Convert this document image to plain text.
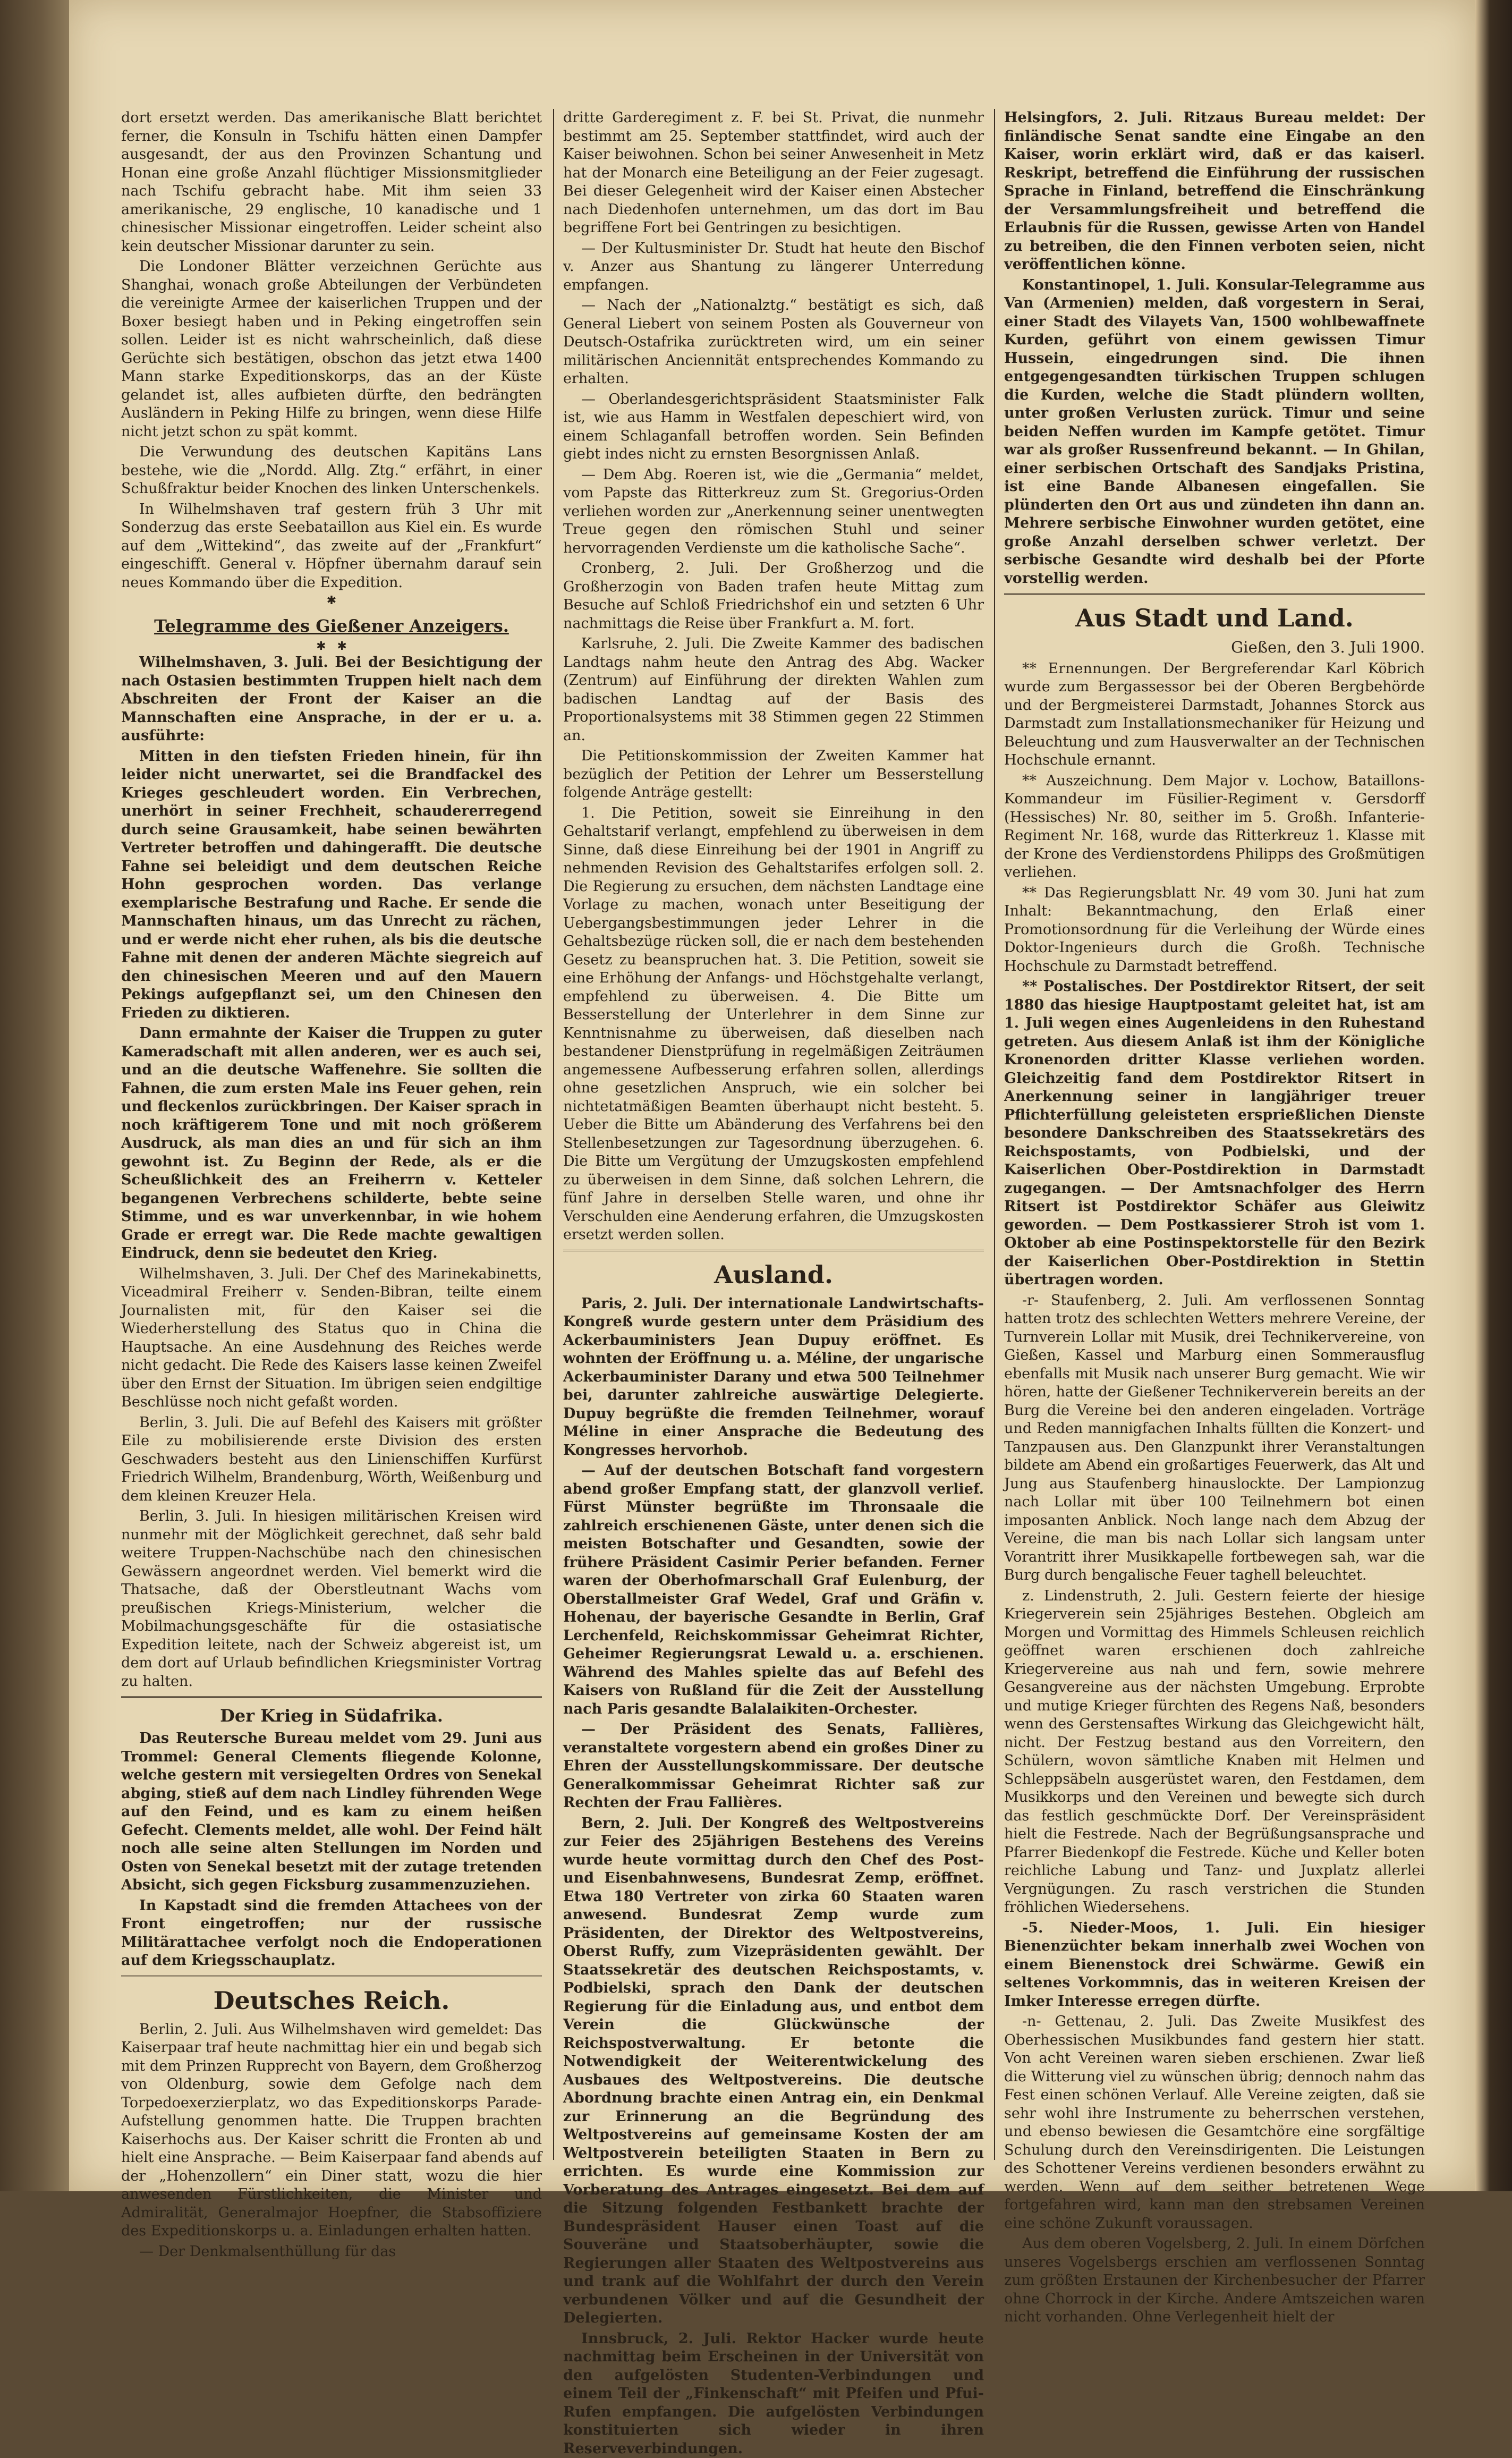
dort ersetzt werden. Das amerikanische Blatt berichtet ferner, die Konsuln in Tschifu hätten einen Dampfer ausgesandt, der aus den Provinzen Schantung und Honan eine große Anzahl flüchtiger Missionsmitglieder nach Tschifu gebracht habe. Mit ihm seien 33 amerikanische, 29 englische, 10 kanadische und 1 chinesischer Missionar eingetroffen. Leider scheint also kein deutscher Missionar darunter zu sein.

Die Londoner Blätter verzeichnen Gerüchte aus Shanghai, wonach große Abteilungen der Verbündeten die vereinigte Armee der kaiserlichen Truppen und der Boxer besiegt haben und in Peking eingetroffen sein sollen. Leider ist es nicht wahrscheinlich, daß diese Gerüchte sich bestätigen, obschon das jetzt etwa 1400 Mann starke Expeditionskorps, das an der Küste gelandet ist, alles aufbieten dürfte, den bedrängten Ausländern in Peking Hilfe zu bringen, wenn diese Hilfe nicht jetzt schon zu spät kommt.

Die Verwundung des deutschen Kapitäns Lans bestehe, wie die „Nordd. Allg. Ztg.“ erfährt, in einer Schußfraktur beider Knochen des linken Unterschenkels.

In Wilhelmshaven traf gestern früh 3 Uhr mit Sonderzug das erste Seebataillon aus Kiel ein. Es wurde auf dem „Wittekind“, das zweite auf der „Frankfurt“ eingeschifft. General v. Höpfner übernahm darauf sein neues Kommando über die Expedition.

✱
Telegramme des Gießener Anzeigers.
✱   ✱

Wilhelmshaven, 3. Juli. Bei der Besichtigung der nach Ostasien bestimmten Truppen hielt nach dem Abschreiten der Front der Kaiser an die Mannschaften eine Ansprache, in der er u. a. ausführte:

Mitten in den tiefsten Frieden hinein, für ihn leider nicht unerwartet, sei die Brandfackel des Krieges geschleudert worden. Ein Verbrechen, unerhört in seiner Frechheit, schaudererregend durch seine Grausamkeit, habe seinen bewährten Vertreter betroffen und dahingerafft. Die deutsche Fahne sei beleidigt und dem deutschen Reiche Hohn gesprochen worden. Das verlange exemplarische Bestrafung und Rache. Er sende die Mannschaften hinaus, um das Unrecht zu rächen, und er werde nicht eher ruhen, als bis die deutsche Fahne mit denen der anderen Mächte siegreich auf den chinesischen Meeren und auf den Mauern Pekings aufgepflanzt sei, um den Chinesen den Frieden zu diktieren.

Dann ermahnte der Kaiser die Truppen zu guter Kameradschaft mit allen anderen, wer es auch sei, und an die deutsche Waffenehre. Sie sollten die Fahnen, die zum ersten Male ins Feuer gehen, rein und fleckenlos zurückbringen. Der Kaiser sprach in noch kräftigerem Tone und mit noch größerem Ausdruck, als man dies an und für sich an ihm gewohnt ist. Zu Beginn der Rede, als er die Scheußlichkeit des an Freiherrn v. Ketteler begangenen Verbrechens schilderte, bebte seine Stimme, und es war unverkennbar, in wie hohem Grade er erregt war. Die Rede machte gewaltigen Eindruck, denn sie bedeutet den Krieg.

Wilhelmshaven, 3. Juli. Der Chef des Marinekabinetts, Viceadmiral Freiherr v. Senden-Bibran, teilte einem Journalisten mit, für den Kaiser sei die Wiederherstellung des Status quo in China die Hauptsache. An eine Ausdehnung des Reiches werde nicht gedacht. Die Rede des Kaisers lasse keinen Zweifel über den Ernst der Situation. Im übrigen seien endgiltige Beschlüsse noch nicht gefaßt worden.

Berlin, 3. Juli. Die auf Befehl des Kaisers mit größter Eile zu mobilisierende erste Division des ersten Geschwaders besteht aus den Linienschiffen Kurfürst Friedrich Wilhelm, Brandenburg, Wörth, Weißenburg und dem kleinen Kreuzer Hela.

Berlin, 3. Juli. In hiesigen militärischen Kreisen wird nunmehr mit der Möglichkeit gerechnet, daß sehr bald weitere Truppen-Nachschübe nach den chinesischen Gewässern angeordnet werden. Viel bemerkt wird die Thatsache, daß der Oberstleutnant Wachs vom preußischen Kriegs-Ministerium, welcher die Mobilmachungsgeschäfte für die ostasiatische Expedition leitete, nach der Schweiz abgereist ist, um dem dort auf Urlaub befindlichen Kriegsminister Vortrag zu halten.

Der Krieg in Südafrika.

Das Reutersche Bureau meldet vom 29. Juni aus Trommel: General Clements fliegende Kolonne, welche gestern mit versiegelten Ordres von Senekal abging, stieß auf dem nach Lindley führenden Wege auf den Feind, und es kam zu einem heißen Gefecht. Clements meldet, alle wohl. Der Feind hält noch alle seine alten Stellungen im Norden und Osten von Senekal besetzt mit der zutage tretenden Absicht, sich gegen Ficksburg zusammenzuziehen.

In Kapstadt sind die fremden Attachees von der Front eingetroffen; nur der russische Militärattachee verfolgt noch die Endoperationen auf dem Kriegsschauplatz.

Deutsches Reich.

Berlin, 2. Juli. Aus Wilhelmshaven wird gemeldet: Das Kaiserpaar traf heute nachmittag hier ein und begab sich mit dem Prinzen Rupprecht von Bayern, dem Großherzog von Oldenburg, sowie dem Gefolge nach dem Torpedoexerzierplatz, wo das Expeditionskorps Parade-Aufstellung genommen hatte. Die Truppen brachten Kaiserhochs aus. Der Kaiser schritt die Fronten ab und hielt eine Ansprache. — Beim Kaiserpaar fand abends auf der „Hohenzollern“ ein Diner statt, wozu die hier anwesenden Fürstlichkeiten, die Minister und Admiralität, Generalmajor Hoepfner, die Stabsoffiziere des Expeditionskorps u. a. Einladungen erhalten hatten.

— Der Denkmalsenthüllung für das

dritte Garderegiment z. F. bei St. Privat, die nunmehr bestimmt am 25. September stattfindet, wird auch der Kaiser beiwohnen. Schon bei seiner Anwesenheit in Metz hat der Monarch eine Beteiligung an der Feier zugesagt. Bei dieser Gelegenheit wird der Kaiser einen Abstecher nach Diedenhofen unternehmen, um das dort im Bau begriffene Fort bei Gentringen zu besichtigen.

— Der Kultusminister Dr. Studt hat heute den Bischof v. Anzer aus Shantung zu längerer Unterredung empfangen.

— Nach der „Nationalztg.“ bestätigt es sich, daß General Liebert von seinem Posten als Gouverneur von Deutsch-Ostafrika zurücktreten wird, um ein seiner militärischen Anciennität entsprechendes Kommando zu erhalten.

— Oberlandesgerichtspräsident Staatsminister Falk ist, wie aus Hamm in Westfalen depeschiert wird, von einem Schlaganfall betroffen worden. Sein Befinden giebt indes nicht zu ernsten Besorgnissen Anlaß.

— Dem Abg. Roeren ist, wie die „Germania“ meldet, vom Papste das Ritterkreuz zum St. Gregorius-Orden verliehen worden zur „Anerkennung seiner unentwegten Treue gegen den römischen Stuhl und seiner hervorragenden Verdienste um die katholische Sache“.

Cronberg, 2. Juli. Der Großherzog und die Großherzogin von Baden trafen heute Mittag zum Besuche auf Schloß Friedrichshof ein und setzten 6 Uhr nachmittags die Reise über Frankfurt a. M. fort.

Karlsruhe, 2. Juli. Die Zweite Kammer des badischen Landtags nahm heute den Antrag des Abg. Wacker (Zentrum) auf Einführung der direkten Wahlen zum badischen Landtag auf der Basis des Proportionalsystems mit 38 Stimmen gegen 22 Stimmen an.

Die Petitionskommission der Zweiten Kammer hat bezüglich der Petition der Lehrer um Besserstellung folgende Anträge gestellt:

1. Die Petition, soweit sie Einreihung in den Gehaltstarif verlangt, empfehlend zu überweisen in dem Sinne, daß diese Einreihung bei der 1901 in Angriff zu nehmenden Revision des Gehaltstarifes erfolgen soll. 2. Die Regierung zu ersuchen, dem nächsten Landtage eine Vorlage zu machen, wonach unter Beseitigung der Uebergangsbestimmungen jeder Lehrer in die Gehaltsbezüge rücken soll, die er nach dem bestehenden Gesetz zu beanspruchen hat. 3. Die Petition, soweit sie eine Erhöhung der Anfangs- und Höchstgehalte verlangt, empfehlend zu überweisen. 4. Die Bitte um Besserstellung der Unterlehrer in dem Sinne zur Kenntnisnahme zu überweisen, daß dieselben nach bestandener Dienstprüfung in regelmäßigen Zeiträumen angemessene Aufbesserung erfahren sollen, allerdings ohne gesetzlichen Anspruch, wie ein solcher bei nichtetatmäßigen Beamten überhaupt nicht besteht. 5. Ueber die Bitte um Abänderung des Verfahrens bei den Stellenbesetzungen zur Tagesordnung überzugehen. 6. Die Bitte um Vergütung der Umzugskosten empfehlend zu überweisen in dem Sinne, daß solchen Lehrern, die fünf Jahre in derselben Stelle waren, und ohne ihr Verschulden eine Aenderung erfahren, die Umzugskosten ersetzt werden sollen.

Ausland.

Paris, 2. Juli. Der internationale Landwirtschafts-Kongreß wurde gestern unter dem Präsidium des Ackerbauministers Jean Dupuy eröffnet. Es wohnten der Eröffnung u. a. Méline, der ungarische Ackerbauminister Darany und etwa 500 Teilnehmer bei, darunter zahlreiche auswärtige Delegierte. Dupuy begrüßte die fremden Teilnehmer, worauf Méline in einer Ansprache die Bedeutung des Kongresses hervorhob.

— Auf der deutschen Botschaft fand vorgestern abend großer Empfang statt, der glanzvoll verlief. Fürst Münster begrüßte im Thronsaale die zahlreich erschienenen Gäste, unter denen sich die meisten Botschafter und Gesandten, sowie der frühere Präsident Casimir Perier befanden. Ferner waren der Oberhofmarschall Graf Eulenburg, der Oberstallmeister Graf Wedel, Graf und Gräfin v. Hohenau, der bayerische Gesandte in Berlin, Graf Lerchenfeld, Reichskommissar Geheimrat Richter, Geheimer Regierungsrat Lewald u. a. erschienen. Während des Mahles spielte das auf Befehl des Kaisers von Rußland für die Zeit der Ausstellung nach Paris gesandte Balalaikiten-Orchester.

— Der Präsident des Senats, Fallières, veranstaltete vorgestern abend ein großes Diner zu Ehren der Ausstellungskommissare. Der deutsche Generalkommissar Geheimrat Richter saß zur Rechten der Frau Fallières.

Bern, 2. Juli. Der Kongreß des Weltpostvereins zur Feier des 25jährigen Bestehens des Vereins wurde heute vormittag durch den Chef des Post- und Eisenbahnwesens, Bundesrat Zemp, eröffnet. Etwa 180 Vertreter von zirka 60 Staaten waren anwesend. Bundesrat Zemp wurde zum Präsidenten, der Direktor des Weltpostvereins, Oberst Ruffy, zum Vizepräsidenten gewählt. Der Staatssekretär des deutschen Reichspostamts, v. Podbielski, sprach den Dank der deutschen Regierung für die Einladung aus, und entbot dem Verein die Glückwünsche der Reichspostverwaltung. Er betonte die Notwendigkeit der Weiterentwickelung des Ausbaues des Weltpostvereins. Die deutsche Abordnung brachte einen Antrag ein, ein Denkmal zur Erinnerung an die Begründung des Weltpostvereins auf gemeinsame Kosten der am Weltpostverein beteiligten Staaten in Bern zu errichten. Es wurde eine Kommission zur Vorberatung des Antrages eingesetzt. Bei dem auf die Sitzung folgenden Festbankett brachte der Bundespräsident Hauser einen Toast auf die Souveräne und Staatsoberhäupter, sowie die Regierungen aller Staaten des Weltpostvereins aus und trank auf die Wohlfahrt der durch den Verein verbundenen Völker und auf die Gesundheit der Delegierten.

Innsbruck, 2. Juli. Rektor Hacker wurde heute nachmittag beim Erscheinen in der Universität von den aufgelösten Studenten-Verbindungen und einem Teil der „Finkenschaft“ mit Pfeifen und Pfui-Rufen empfangen. Die aufgelösten Verbindungen konstituierten sich wieder in ihren Reserveverbindungen.

Helsingfors, 2. Juli. Ritzaus Bureau meldet: Der finländische Senat sandte eine Eingabe an den Kaiser, worin erklärt wird, daß er das kaiserl. Reskript, betreffend die Einführung der russischen Sprache in Finland, betreffend die Einschränkung der Versammlungsfreiheit und betreffend die Erlaubnis für die Russen, gewisse Arten von Handel zu betreiben, die den Finnen verboten seien, nicht veröffentlichen könne.

Konstantinopel, 1. Juli. Konsular-Telegramme aus Van (Armenien) melden, daß vorgestern in Serai, einer Stadt des Vilayets Van, 1500 wohlbewaffnete Kurden, geführt von einem gewissen Timur Hussein, eingedrungen sind. Die ihnen entgegengesandten türkischen Truppen schlugen die Kurden, welche die Stadt plündern wollten, unter großen Verlusten zurück. Timur und seine beiden Neffen wurden im Kampfe getötet. Timur war als großer Russenfreund bekannt. — In Ghilan, einer serbischen Ortschaft des Sandjaks Pristina, ist eine Bande Albanesen eingefallen. Sie plünderten den Ort aus und zündeten ihn dann an. Mehrere serbische Einwohner wurden getötet, eine große Anzahl derselben schwer verletzt. Der serbische Gesandte wird deshalb bei der Pforte vorstellig werden.

Aus Stadt und Land.
Gießen, den 3. Juli 1900.

** Ernennungen. Der Bergreferendar Karl Köbrich wurde zum Bergassessor bei der Oberen Bergbehörde und der Bergmeisterei Darmstadt, Johannes Storck aus Darmstadt zum Installationsmechaniker für Heizung und Beleuchtung und zum Hausverwalter an der Technischen Hochschule ernannt.

** Auszeichnung. Dem Major v. Lochow, Bataillons-Kommandeur im Füsilier-Regiment v. Gersdorff (Hessisches) Nr. 80, seither im 5. Großh. Infanterie-Regiment Nr. 168, wurde das Ritterkreuz 1. Klasse mit der Krone des Verdienstordens Philipps des Großmütigen verliehen.

** Das Regierungsblatt Nr. 49 vom 30. Juni hat zum Inhalt: Bekanntmachung, den Erlaß einer Promotionsordnung für die Verleihung der Würde eines Doktor-Ingenieurs durch die Großh. Technische Hochschule zu Darmstadt betreffend.

** Postalisches. Der Postdirektor Ritsert, der seit 1880 das hiesige Hauptpostamt geleitet hat, ist am 1. Juli wegen eines Augenleidens in den Ruhestand getreten. Aus diesem Anlaß ist ihm der Königliche Kronenorden dritter Klasse verliehen worden. Gleichzeitig fand dem Postdirektor Ritsert in Anerkennung seiner in langjähriger treuer Pflichterfüllung geleisteten ersprießlichen Dienste besondere Dankschreiben des Staatssekretärs des Reichspostamts, von Podbielski, und der Kaiserlichen Ober-Postdirektion in Darmstadt zugegangen. — Der Amtsnachfolger des Herrn Ritsert ist Postdirektor Schäfer aus Gleiwitz geworden. — Dem Postkassierer Stroh ist vom 1. Oktober ab eine Postinspektorstelle für den Bezirk der Kaiserlichen Ober-Postdirektion in Stettin übertragen worden.

-r- Staufenberg, 2. Juli. Am verflossenen Sonntag hatten trotz des schlechten Wetters mehrere Vereine, der Turnverein Lollar mit Musik, drei Technikervereine, von Gießen, Kassel und Marburg einen Sommerausflug ebenfalls mit Musik nach unserer Burg gemacht. Wie wir hören, hatte der Gießener Technikerverein bereits an der Burg die Vereine bei den anderen eingeladen. Vorträge und Reden mannigfachen Inhalts füllten die Konzert- und Tanzpausen aus. Den Glanzpunkt ihrer Veranstaltungen bildete am Abend ein großartiges Feuerwerk, das Alt und Jung aus Staufenberg hinauslockte. Der Lampionzug nach Lollar mit über 100 Teilnehmern bot einen imposanten Anblick. Noch lange nach dem Abzug der Vereine, die man bis nach Lollar sich langsam unter Vorantritt ihrer Musikkapelle fortbewegen sah, war die Burg durch bengalische Feuer taghell beleuchtet.

z. Lindenstruth, 2. Juli. Gestern feierte der hiesige Kriegerverein sein 25jähriges Bestehen. Obgleich am Morgen und Vormittag des Himmels Schleusen reichlich geöffnet waren erschienen doch zahlreiche Kriegervereine aus nah und fern, sowie mehrere Gesangvereine aus der nächsten Umgebung. Erprobte und mutige Krieger fürchten des Regens Naß, besonders wenn des Gerstensaftes Wirkung das Gleichgewicht hält, nicht. Der Festzug bestand aus den Vorreitern, den Schülern, wovon sämtliche Knaben mit Helmen und Schleppsäbeln ausgerüstet waren, den Festdamen, dem Musikkorps und den Vereinen und bewegte sich durch das festlich geschmückte Dorf. Der Vereinspräsident hielt die Festrede. Nach der Begrüßungsansprache und Pfarrer Biedenkopf die Festrede. Küche und Keller boten reichliche Labung und Tanz- und Juxplatz allerlei Vergnügungen. Zu rasch verstrichen die Stunden fröhlichen Wiedersehens.

-5. Nieder-Moos, 1. Juli. Ein hiesiger Bienenzüchter bekam innerhalb zwei Wochen von einem Bienenstock drei Schwärme. Gewiß ein seltenes Vorkommnis, das in weiteren Kreisen der Imker Interesse erregen dürfte.

-n- Gettenau, 2. Juli. Das Zweite Musikfest des Oberhessischen Musikbundes fand gestern hier statt. Von acht Vereinen waren sieben erschienen. Zwar ließ die Witterung viel zu wünschen übrig; dennoch nahm das Fest einen schönen Verlauf. Alle Vereine zeigten, daß sie sehr wohl ihre Instrumente zu beherrschen verstehen, und ebenso bewiesen die Gesamtchöre eine sorgfältige Schulung durch den Vereinsdirigenten. Die Leistungen des Schottener Vereins verdienen besonders erwähnt zu werden. Wenn auf dem seither betretenen Wege fortgefahren wird, kann man den strebsamen Vereinen eine schöne Zukunft voraussagen.

Aus dem oberen Vogelsberg, 2. Juli. In einem Dörfchen unseres Vogelsbergs erschien am verflossenen Sonntag zum größten Erstaunen der Kirchenbesucher der Pfarrer ohne Chorrock in der Kirche. Andere Amtszeichen waren nicht vorhanden. Ohne Verlegenheit hielt der
